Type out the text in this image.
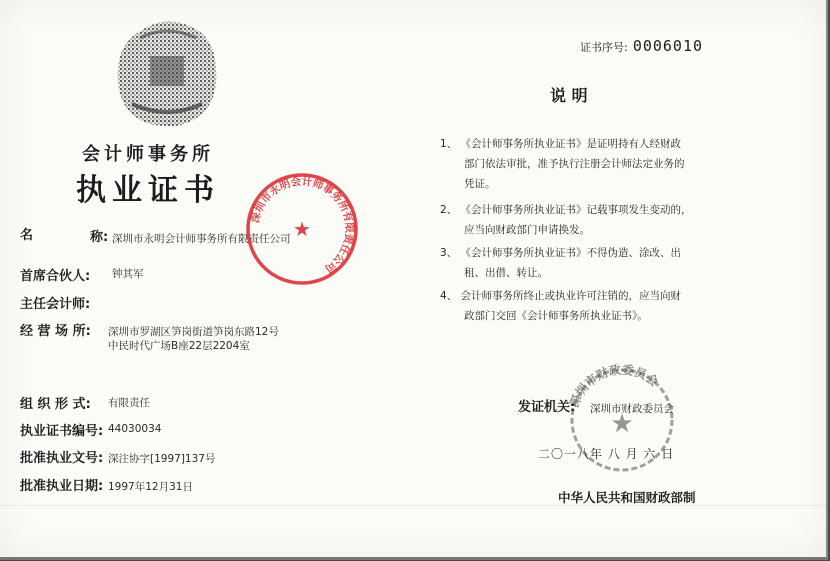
证书序号: 0006010
会计师事务所
执业证书
名	称: 深圳市永明会计师事务所有限责任公司
首席合伙人: 钟其军
主任会计师:
经 营 场 所: 深圳市罗湖区笋岗街道笋岗东路12号
中民时代广场B座22层2204室
组 织 形 式: 有限责任
执业证书编号: 44030034
批准执业文号: 深注协字[1997]137号
批准执业日期: 1997年12月31日
深圳市永明会计师事务所有限责任公司
★
说 明
1、 《会计师事务所执业证书》是证明持有人经财政
部门依法审批，准予执行注册会计师法定业务的
凭证。
2、 《会计师事务所执业证书》记载事项发生变动的，
应当向财政部门申请换发。
3、 《会计师事务所执业证书》不得伪造、涂改、出
租、出借、转让。
4、 会计师事务所终止或执业许可注销的，应当向财
政部门交回《会计师事务所执业证书》。
深圳市财政委员会
★
发证机关: 深圳市财政委员会
二〇一八年 八 月 六 日
中华人民共和国财政部制
